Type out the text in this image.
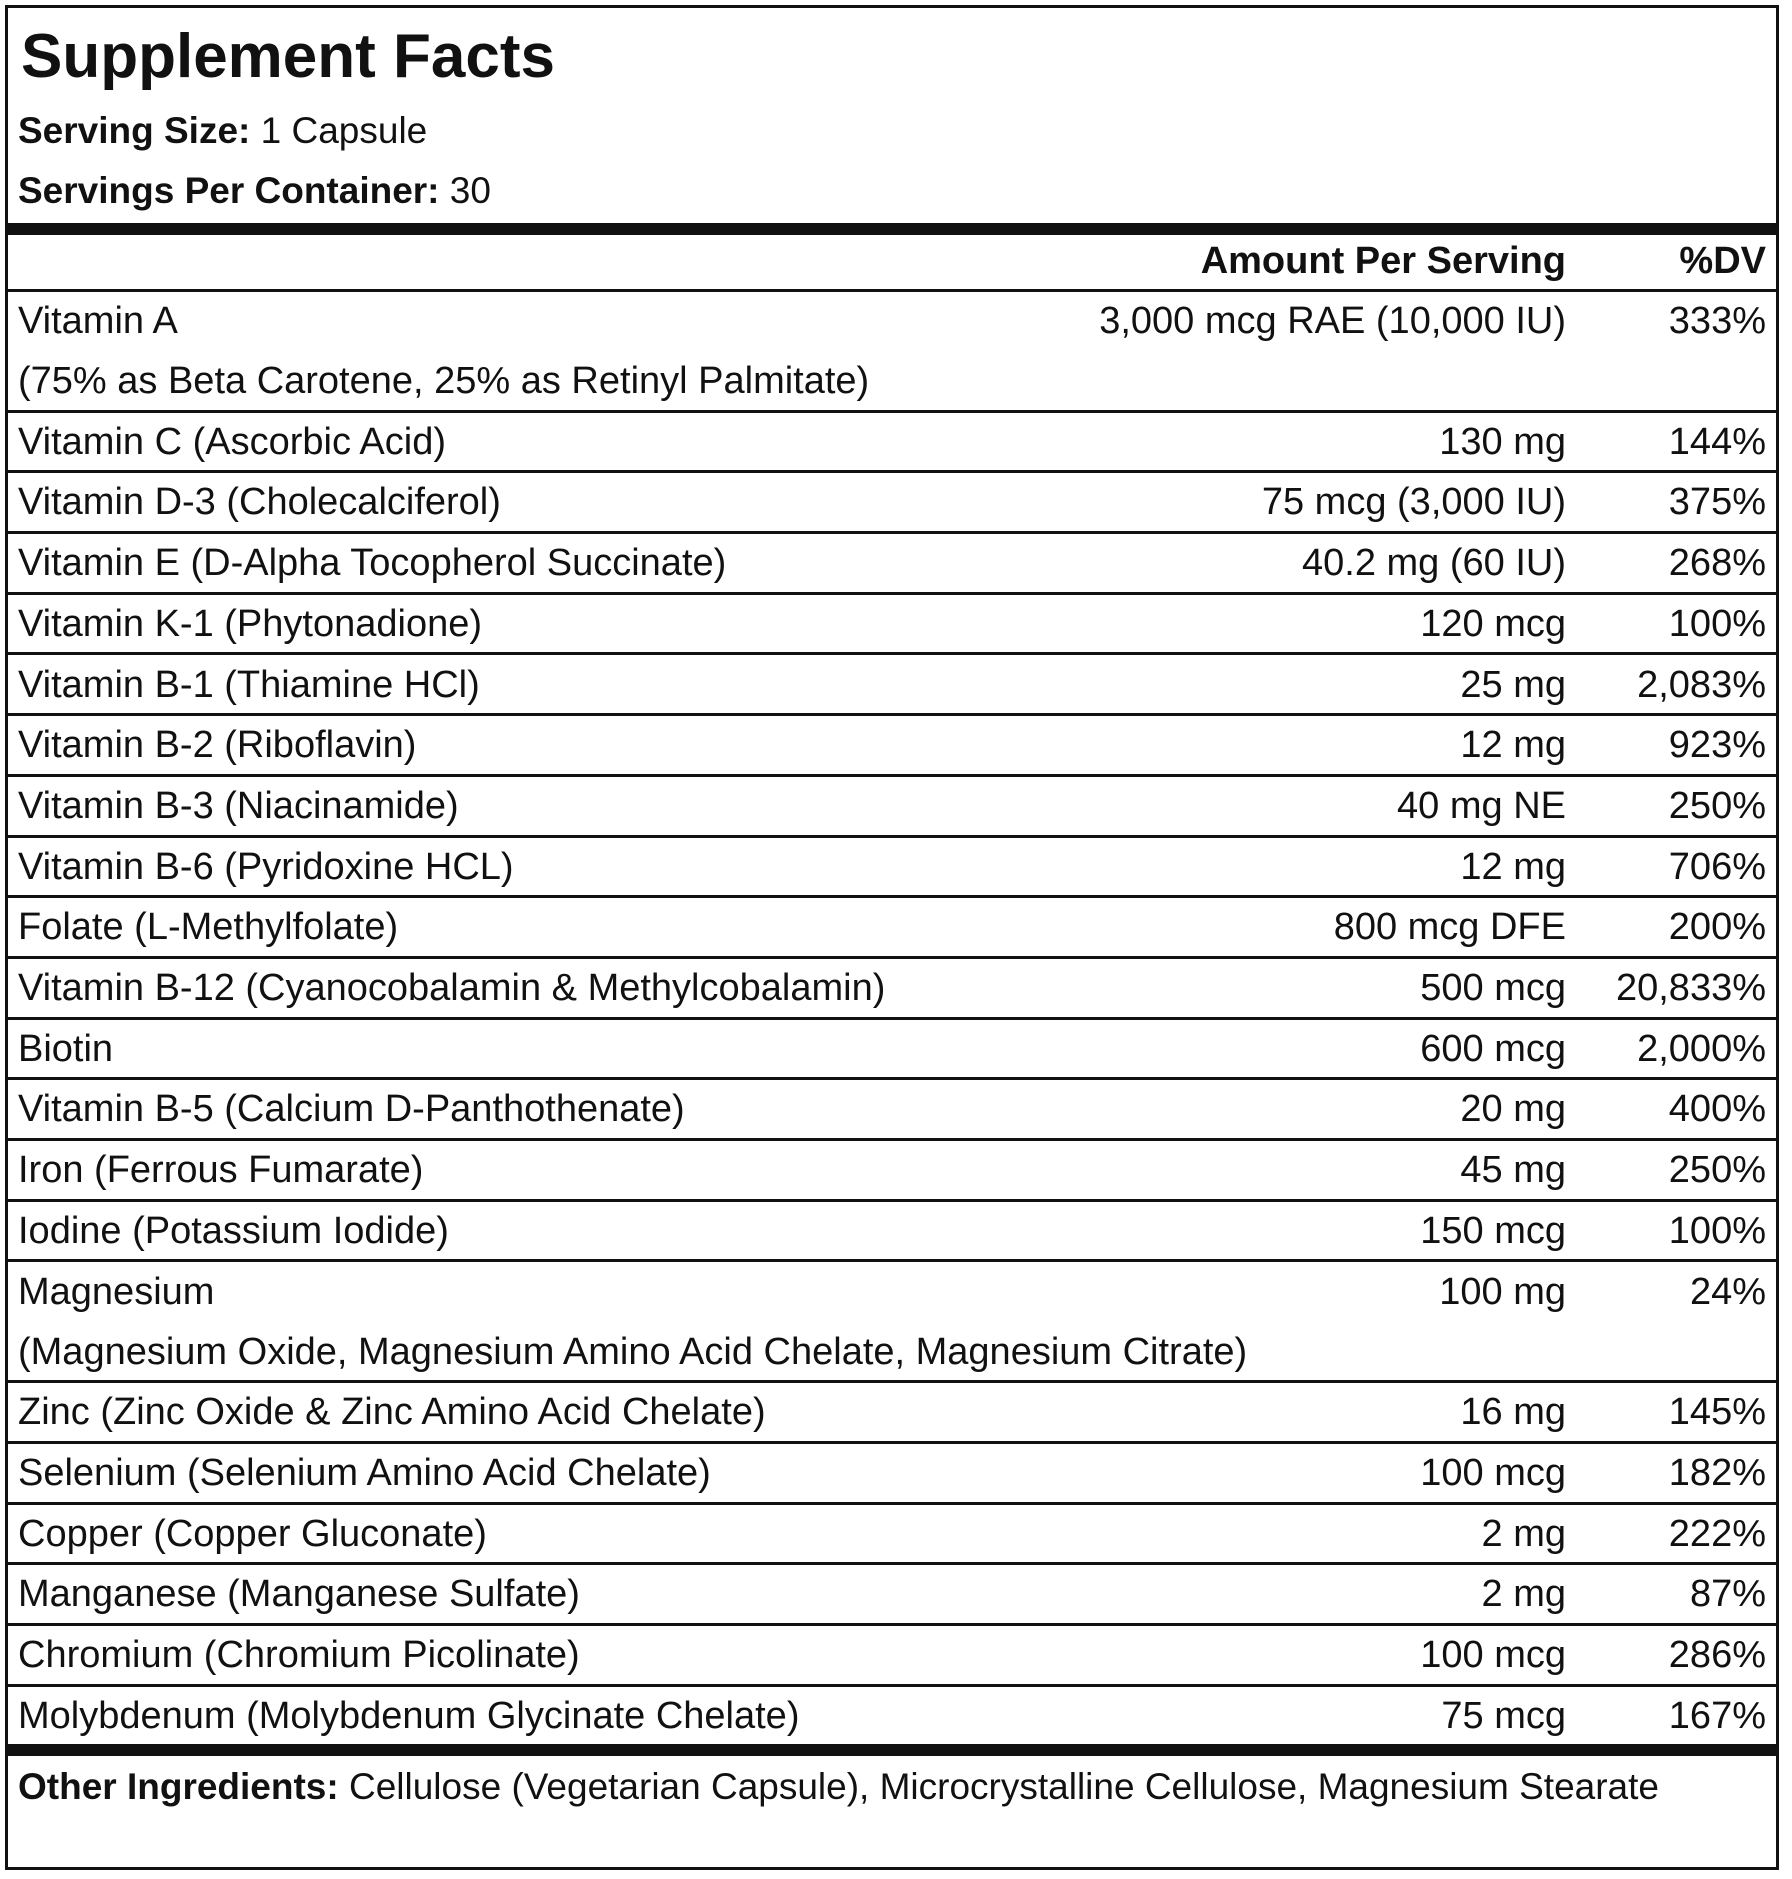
Supplement Facts
Serving Size: 1 Capsule
Servings Per Container: 30
Amount Per Serving	%DV
Vitamin A	3,000 mcg RAE (10,000 IU)	333%
(75% as Beta Carotene, 25% as Retinyl Palmitate)
Vitamin C (Ascorbic Acid)	130 mg	144%
Vitamin D-3 (Cholecalciferol)	75 mcg (3,000 IU)	375%
Vitamin E (D-Alpha Tocopherol Succinate)	40.2 mg (60 IU)	268%
Vitamin K-1 (Phytonadione)	120 mcg	100%
Vitamin B-1 (Thiamine HCl)	25 mg 2,083%
Vitamin B-2 (Riboflavin)	12 mg	923%
Vitamin B-3 (Niacinamide)	40 mg NE	250%
Vitamin B-6 (Pyridoxine HCL)	12 mg	706%
Folate (L-Methylfolate)	800 mcg DFE	200%
Vitamin B-12 (Cyanocobalamin & Methylcobalamin)	500 mcg 20,833%
Biotin	600 mcg 2,000%
Vitamin B-5 (Calcium D-Panthothenate)	20 mg	400%
Iron (Ferrous Fumarate)	45 mg	250%
Iodine (Potassium Iodide)	150 mcg	100%
Magnesium	100 mg	24%
(Magnesium Oxide, Magnesium Amino Acid Chelate, Magnesium Citrate)
Zinc (Zinc Oxide & Zinc Amino Acid Chelate)	16 mg	145%
Selenium (Selenium Amino Acid Chelate)	100 mcg	182%
Copper (Copper Gluconate)	2 mg	222%
Manganese (Manganese Sulfate)	2 mg	87%
Chromium (Chromium Picolinate)	100 mcg	286%
Molybdenum (Molybdenum Glycinate Chelate)	75 mcg	167%
Other Ingredients: Cellulose (Vegetarian Capsule), Microcrystalline Cellulose, Magnesium Stearate
